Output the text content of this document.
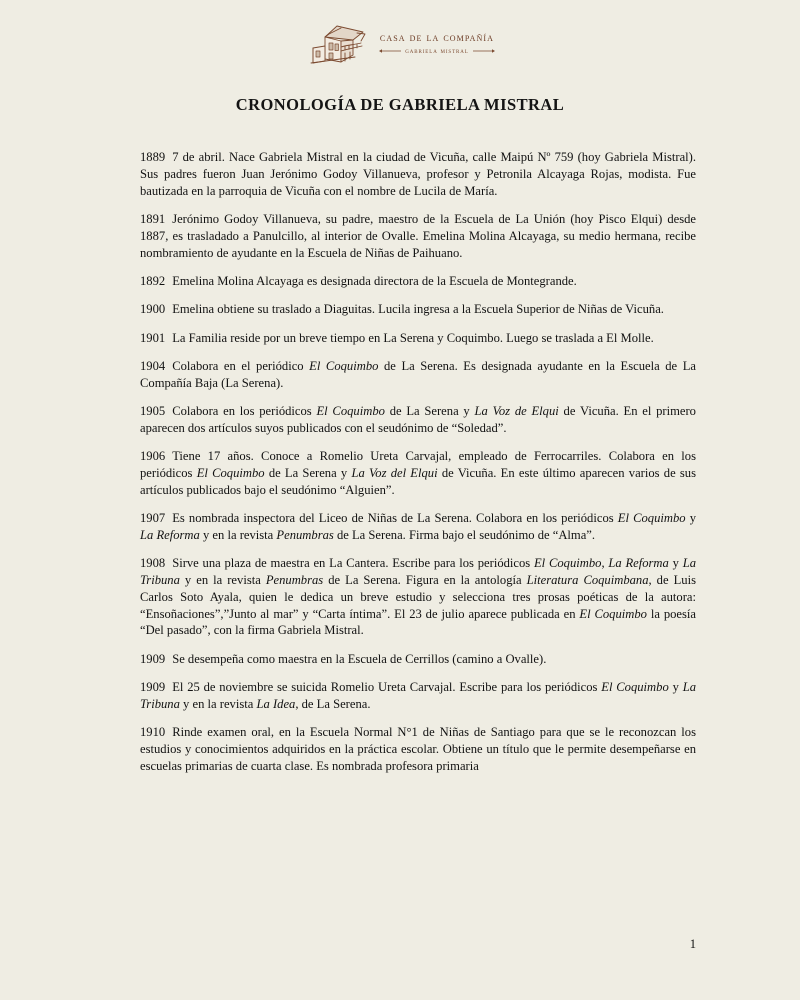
casa de la compañía
gabriela mistral
CRONOLOGÍA DE GABRIELA MISTRAL

1889 7 de abril. Nace Gabriela Mistral en la ciudad de Vicuña, calle Maipú Nº 759 (hoy Gabriela Mistral). Sus padres fueron Juan Jerónimo Godoy Villanueva, profesor y Petronila Alcayaga Rojas, modista. Fue bautizada en la parroquia de Vicuña con el nombre de Lucila de María.

1891 Jerónimo Godoy Villanueva, su padre, maestro de la Escuela de La Unión (hoy Pisco Elqui) desde 1887, es trasladado a Panulcillo, al interior de Ovalle. Emelina Molina Alcayaga, su medio hermana, recibe nombramiento de ayudante en la Escuela de Niñas de Paihuano.

1892 Emelina Molina Alcayaga es designada directora de la Escuela de Montegrande.

1900 Emelina obtiene su traslado a Diaguitas. Lucila ingresa a la Escuela Superior de Niñas de Vicuña.

1901 La Familia reside por un breve tiempo en La Serena y Coquimbo. Luego se traslada a El Molle.

1904 Colabora en el periódico El Coquimbo de La Serena. Es designada ayudante en la Escuela de La Compañía Baja (La Serena).

1905 Colabora en los periódicos El Coquimbo de La Serena y La Voz de Elqui de Vicuña. En el primero aparecen dos artículos suyos publicados con el seudónimo de “Soledad”.

1906 Tiene 17 años. Conoce a Romelio Ureta Carvajal, empleado de Ferrocarriles. Colabora en los periódicos El Coquimbo de La Serena y La Voz del Elqui de Vicuña. En este último aparecen varios de sus artículos publicados bajo el seudónimo “Alguien”.

1907 Es nombrada inspectora del Liceo de Niñas de La Serena. Colabora en los periódicos El Coquimbo y La Reforma y en la revista Penumbras de La Serena. Firma bajo el seudónimo de “Alma”.

1908 Sirve una plaza de maestra en La Cantera. Escribe para los periódicos El Coquimbo, La Reforma y La Tribuna y en la revista Penumbras de La Serena. Figura en la antología Literatura Coquimbana, de Luis Carlos Soto Ayala, quien le dedica un breve estudio y selecciona tres prosas poéticas de la autora: “Ensoñaciones”,”Junto al mar” y “Carta íntima”. El 23 de julio aparece publicada en El Coquimbo la poesía “Del pasado”, con la firma Gabriela Mistral.

1909 Se desempeña como maestra en la Escuela de Cerrillos (camino a Ovalle).

1909 El 25 de noviembre se suicida Romelio Ureta Carvajal. Escribe para los periódicos El Coquimbo y La Tribuna y en la revista La Idea, de La Serena.

1910 Rinde examen oral, en la Escuela Normal N°1 de Niñas de Santiago para que se le reconozcan los estudios y conocimientos adquiridos en la práctica escolar. Obtiene un título que le permite desempeñarse en escuelas primarias de cuarta clase. Es nombrada profesora primaria

1
